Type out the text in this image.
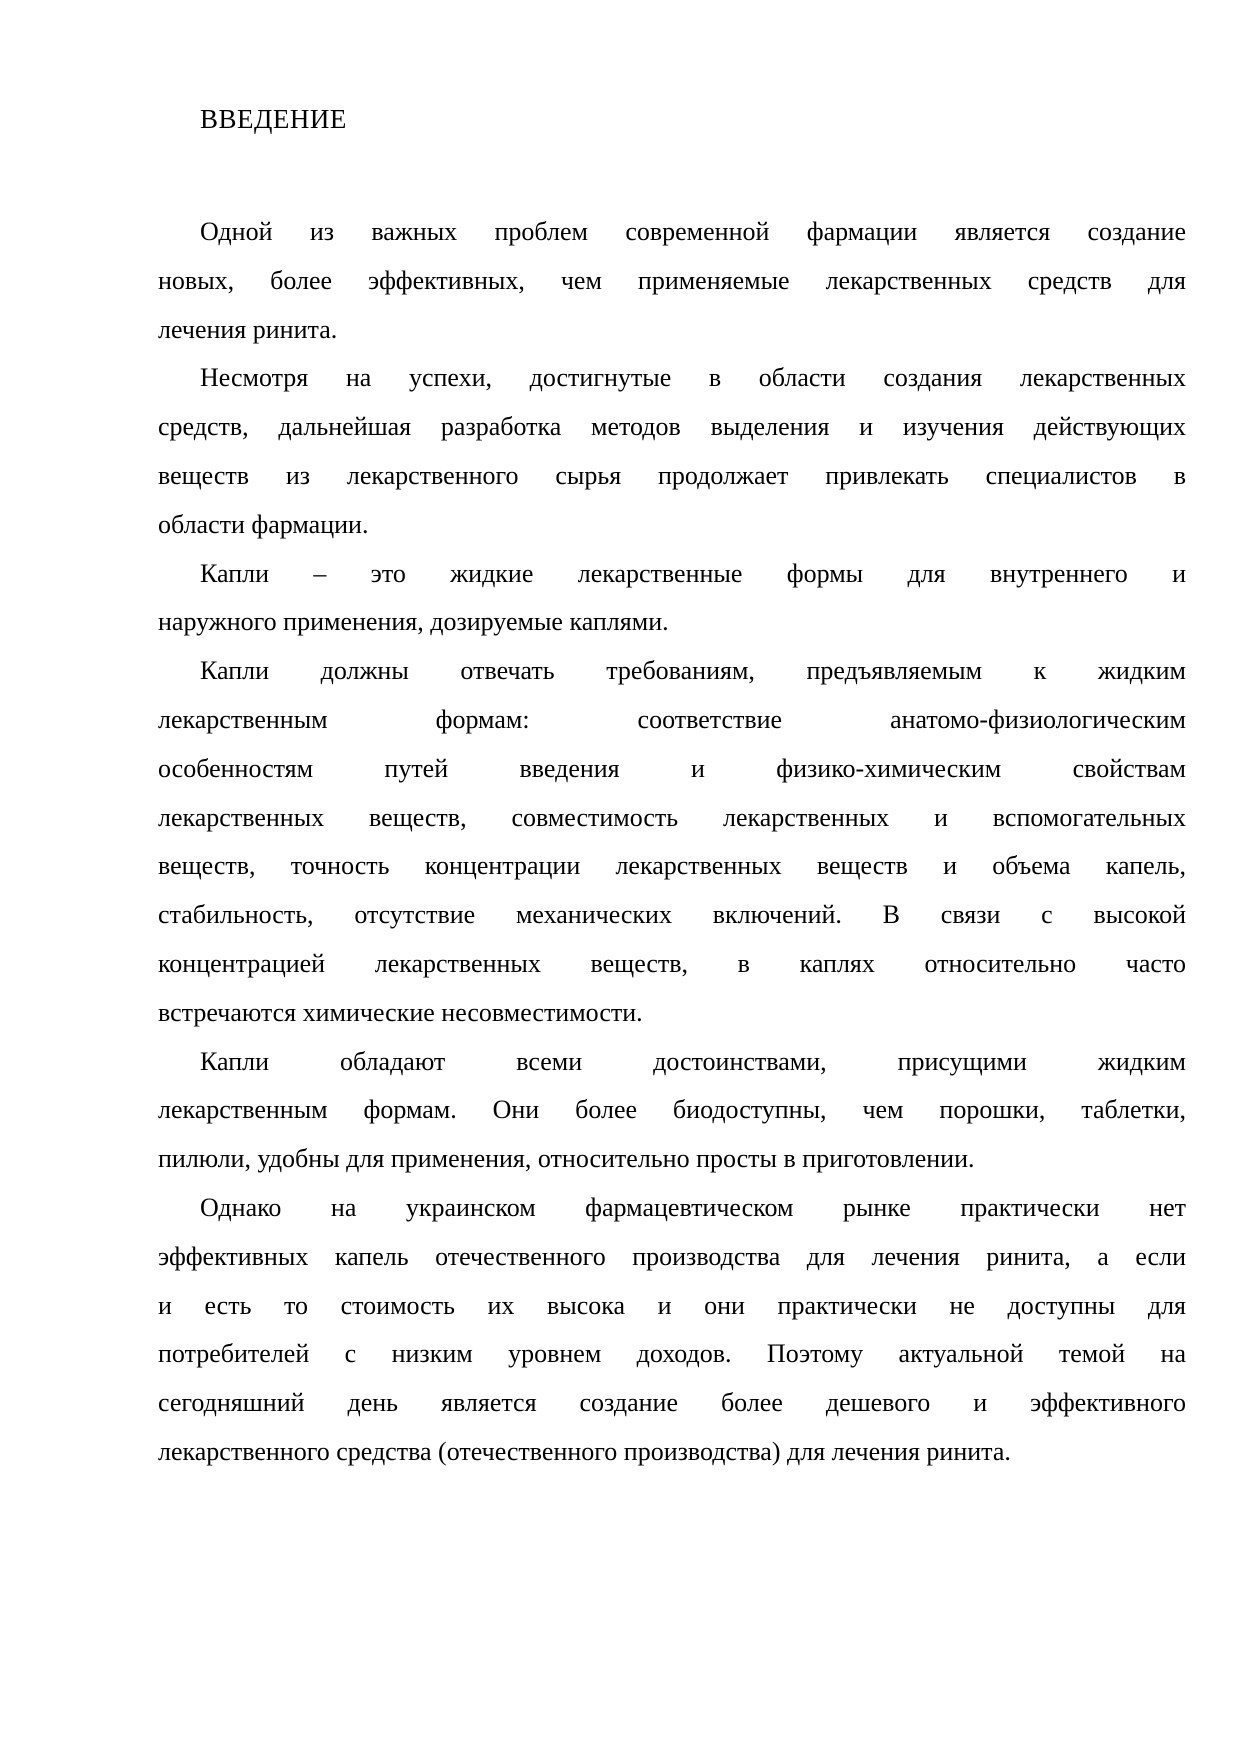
ВВЕДЕНИЕ
Одной из важных проблем современной фармации является создание
новых, более эффективных, чем применяемые лекарственных средств для
лечения ринита.
Несмотря на успехи, достигнутые в области создания лекарственных
средств, дальнейшая разработка методов выделения и изучения действующих
веществ из лекарственного сырья продолжает привлекать специалистов в
области фармации.
Капли – это жидкие лекарственные формы для внутреннего и
наружного применения, дозируемые каплями.
Капли должны отвечать требованиям, предъявляемым к жидким
лекарственным формам: соответствие анатомо-физиологическим
особенностям путей введения и физико-химическим свойствам
лекарственных веществ, совместимость лекарственных и вспомогательных
веществ, точность концентрации лекарственных веществ и объема капель,
стабильность, отсутствие механических включений. В связи с высокой
концентрацией лекарственных веществ, в каплях относительно часто
встречаются химические несовместимости.
Капли обладают всеми достоинствами, присущими жидким
лекарственным формам. Они более биодоступны, чем порошки, таблетки,
пилюли, удобны для применения, относительно просты в приготовлении.
Однако на украинском фармацевтическом рынке практически нет
эффективных капель отечественного производства для лечения ринита, а если
и есть то стоимость их высока и они практически не доступны для
потребителей с низким уровнем доходов. Поэтому актуальной темой на
сегодняшний день является создание более дешевого и эффективного
лекарственного средства (отечественного производства) для лечения ринита.
